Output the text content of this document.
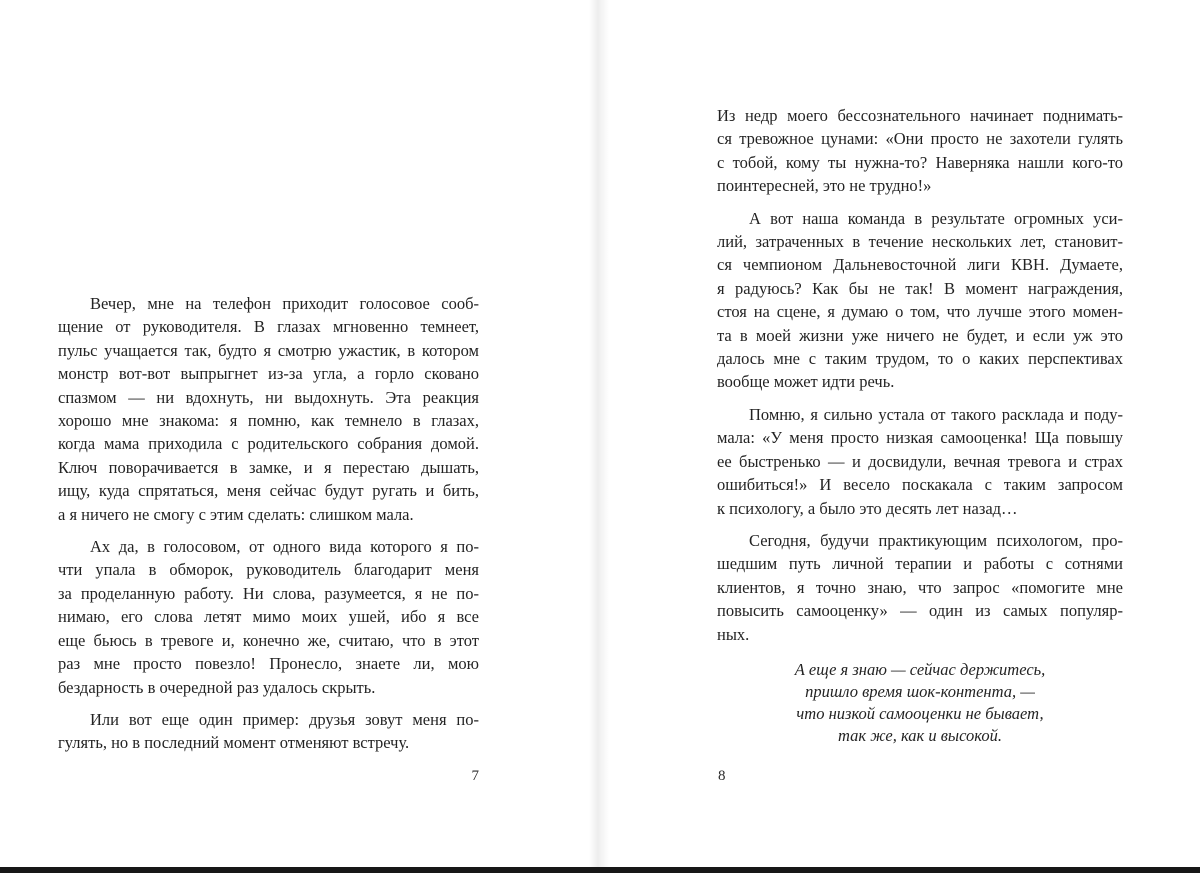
Вечер, мне на телефон приходит голосовое сооб-
щение от руководителя. В глазах мгновенно темнеет,
пульс учащается так, будто я смотрю ужастик, в котором
монстр вот-вот выпрыгнет из-за угла, а горло сковано
спазмом — ни вдохнуть, ни выдохнуть. Эта реакция
хорошо мне знакома: я помню, как темнело в глазах,
когда мама приходила с родительского собрания домой.
Ключ поворачивается в замке, и я перестаю дышать,
ищу, куда спрятаться, меня сейчас будут ругать и бить,
а я ничего не смогу с этим сделать: слишком мала.
Ах да, в голосовом, от одного вида которого я по-
чти упала в обморок, руководитель благодарит меня
за проделанную работу. Ни слова, разумеется, я не по-
нимаю, его слова летят мимо моих ушей, ибо я все
еще бьюсь в тревоге и, конечно же, считаю, что в этот
раз мне просто повезло! Пронесло, знаете ли, мою
бездарность в очередной раз удалось скрыть.
Или вот еще один пример: друзья зовут меня по-
гулять, но в последний момент отменяют встречу.
Из недр моего бессознательного начинает поднимать-
ся тревожное цунами: «Они просто не захотели гулять
с тобой, кому ты нужна-то? Наверняка нашли кого-то
поинтересней, это не трудно!»
А вот наша команда в результате огромных уси-
лий, затраченных в течение нескольких лет, становит-
ся чемпионом Дальневосточной лиги КВН. Думаете,
я радуюсь? Как бы не так! В момент награждения,
стоя на сцене, я думаю о том, что лучше этого момен-
та в моей жизни уже ничего не будет, и если уж это
далось мне с таким трудом, то о каких перспективах
вообще может идти речь.
Помню, я сильно устала от такого расклада и поду-
мала: «У меня просто низкая самооценка! Ща повышу
ее быстренько — и досвидули, вечная тревога и страх
ошибиться!» И весело поскакала с таким запросом
к психологу, а было это десять лет назад…
Сегодня, будучи практикующим психологом, про-
шедшим путь личной терапии и работы с сотнями
клиентов, я точно знаю, что запрос «помогите мне
повысить самооценку» — один из самых популяр-
ных.
А еще я знаю — сейчас держитесь,
пришло время шок-контента, —
что низкой самооценки не бывает,
так же, как и высокой.
7	8
